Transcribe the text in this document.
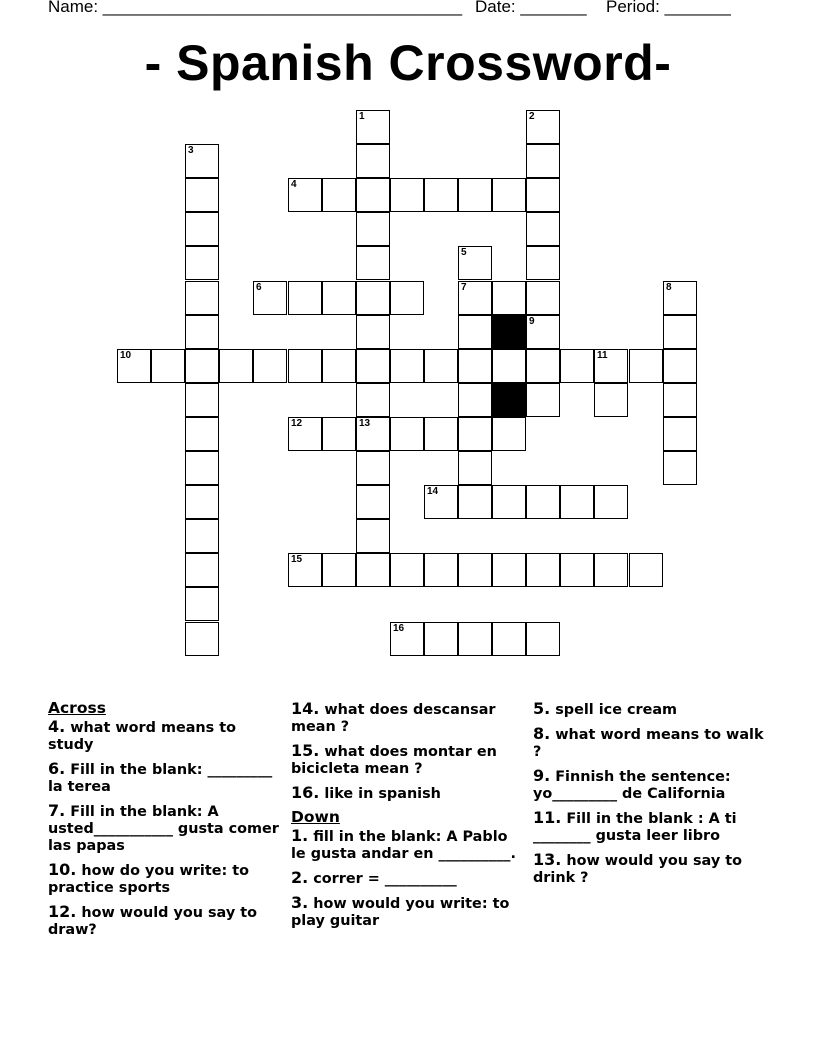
Name: ______________________________________ Date: _______ Period: _______
- Spanish Crossword-
1
13
2
3
4
5
7
6	8
9
10	11
12
14
15
16
Across
4. what word means to study
6. Fill in the blank: _________ la terea
7. Fill in the blank: A usted___________ gusta comer las papas
10. how do you write: to practice sports
12. how would you say to draw?
14. what does descansar mean ?
15. what does montar en bicicleta mean ?
16. like in spanish
Down
1. fill in the blank: A Pablo le gusta andar en __________.
2. correr = __________
3. how would you write: to play guitar
5. spell ice cream
8. what word means to walk ?
9. Finnish the sentence: yo_________ de California
11. Fill in the blank : A ti ________ gusta leer libro
13. how would you say to drink ?
